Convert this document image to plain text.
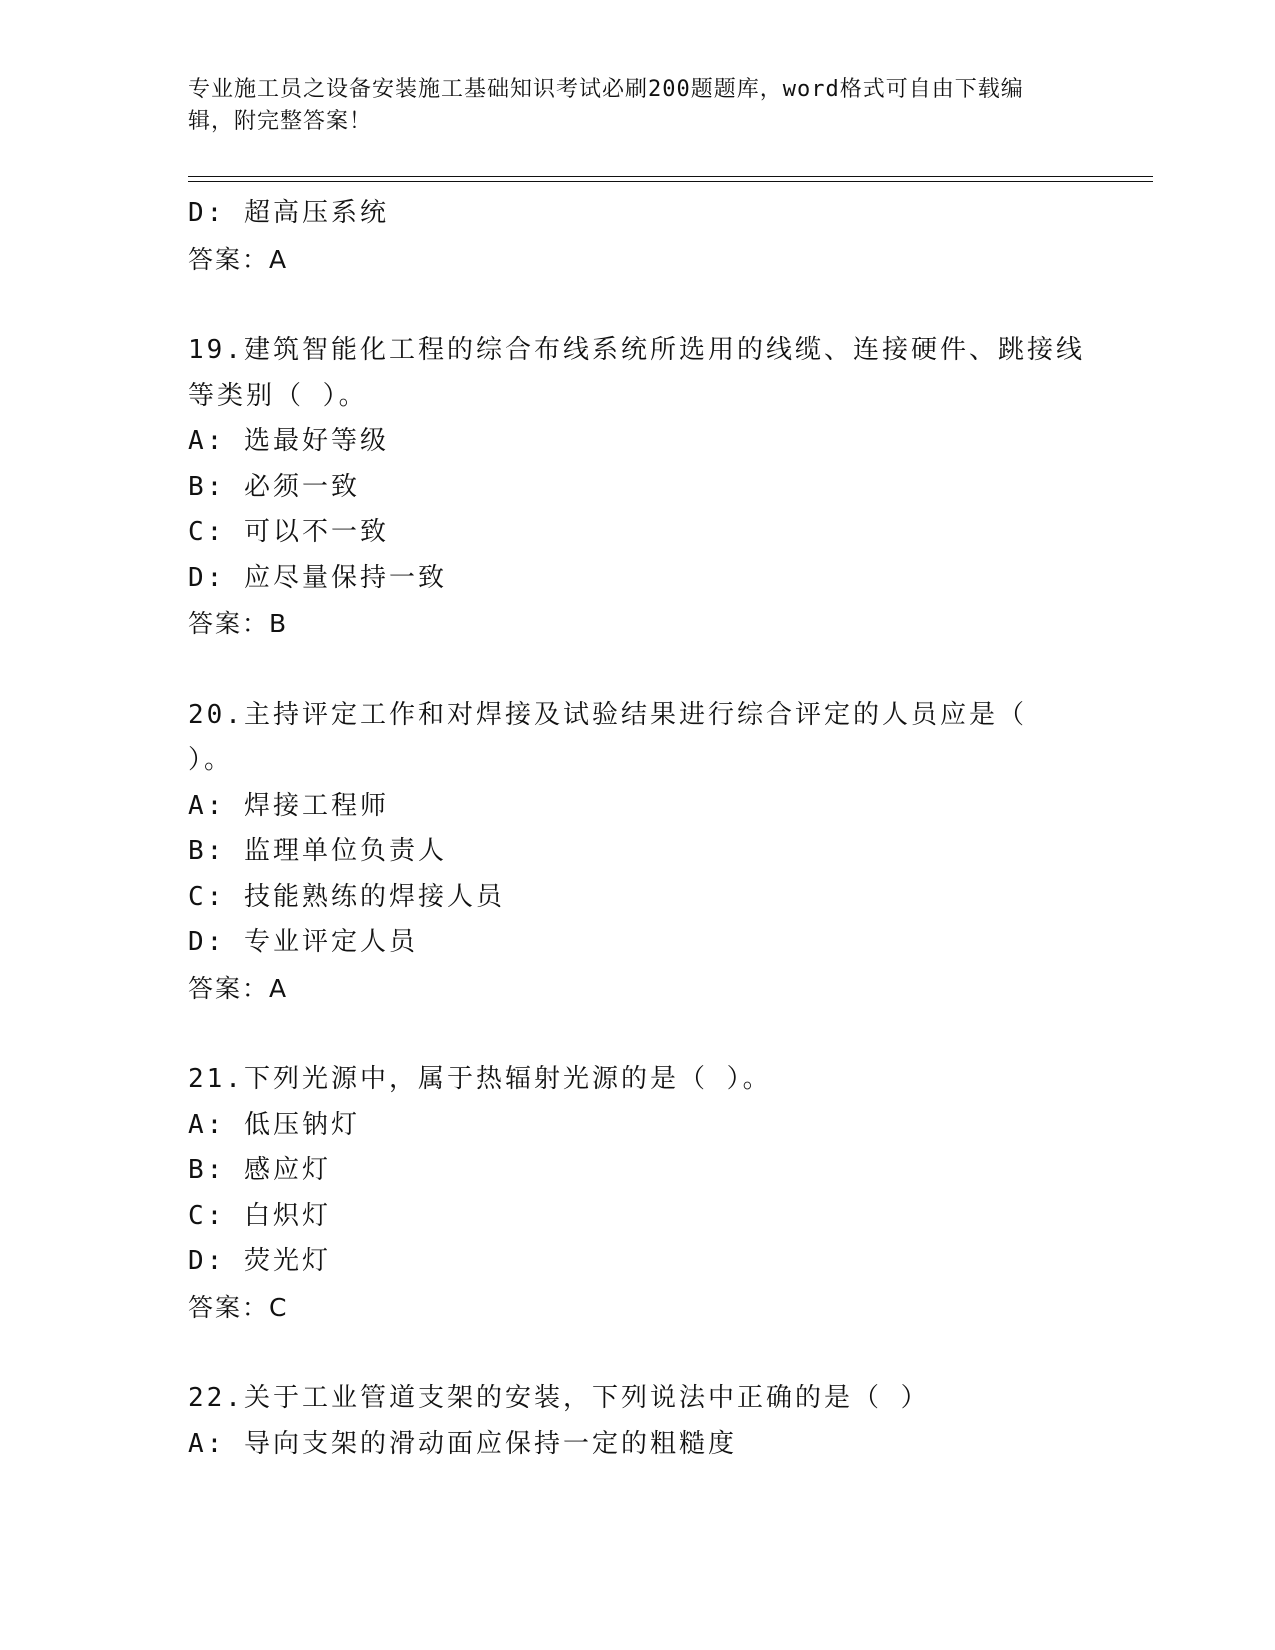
专业施工员之设备安装施工基础知识考试必刷200题题库，word格式可自由下载编辑，附完整答案！
D: 超高压系统
答案：A
19.建筑智能化工程的综合布线系统所选用的线缆、连接硬件、跳接线等类别（ ）。
A: 选最好等级
B: 必须一致
C: 可以不一致
D: 应尽量保持一致
答案：B
20.主持评定工作和对焊接及试验结果进行综合评定的人员应是（ ）。
A: 焊接工程师
B: 监理单位负责人
C: 技能熟练的焊接人员
D: 专业评定人员
答案：A
21.下列光源中，属于热辐射光源的是（ ）。
A: 低压钠灯
B: 感应灯
C: 白炽灯
D: 荧光灯
答案：C
22.关于工业管道支架的安装，下列说法中正确的是（ ）
A: 导向支架的滑动面应保持一定的粗糙度
